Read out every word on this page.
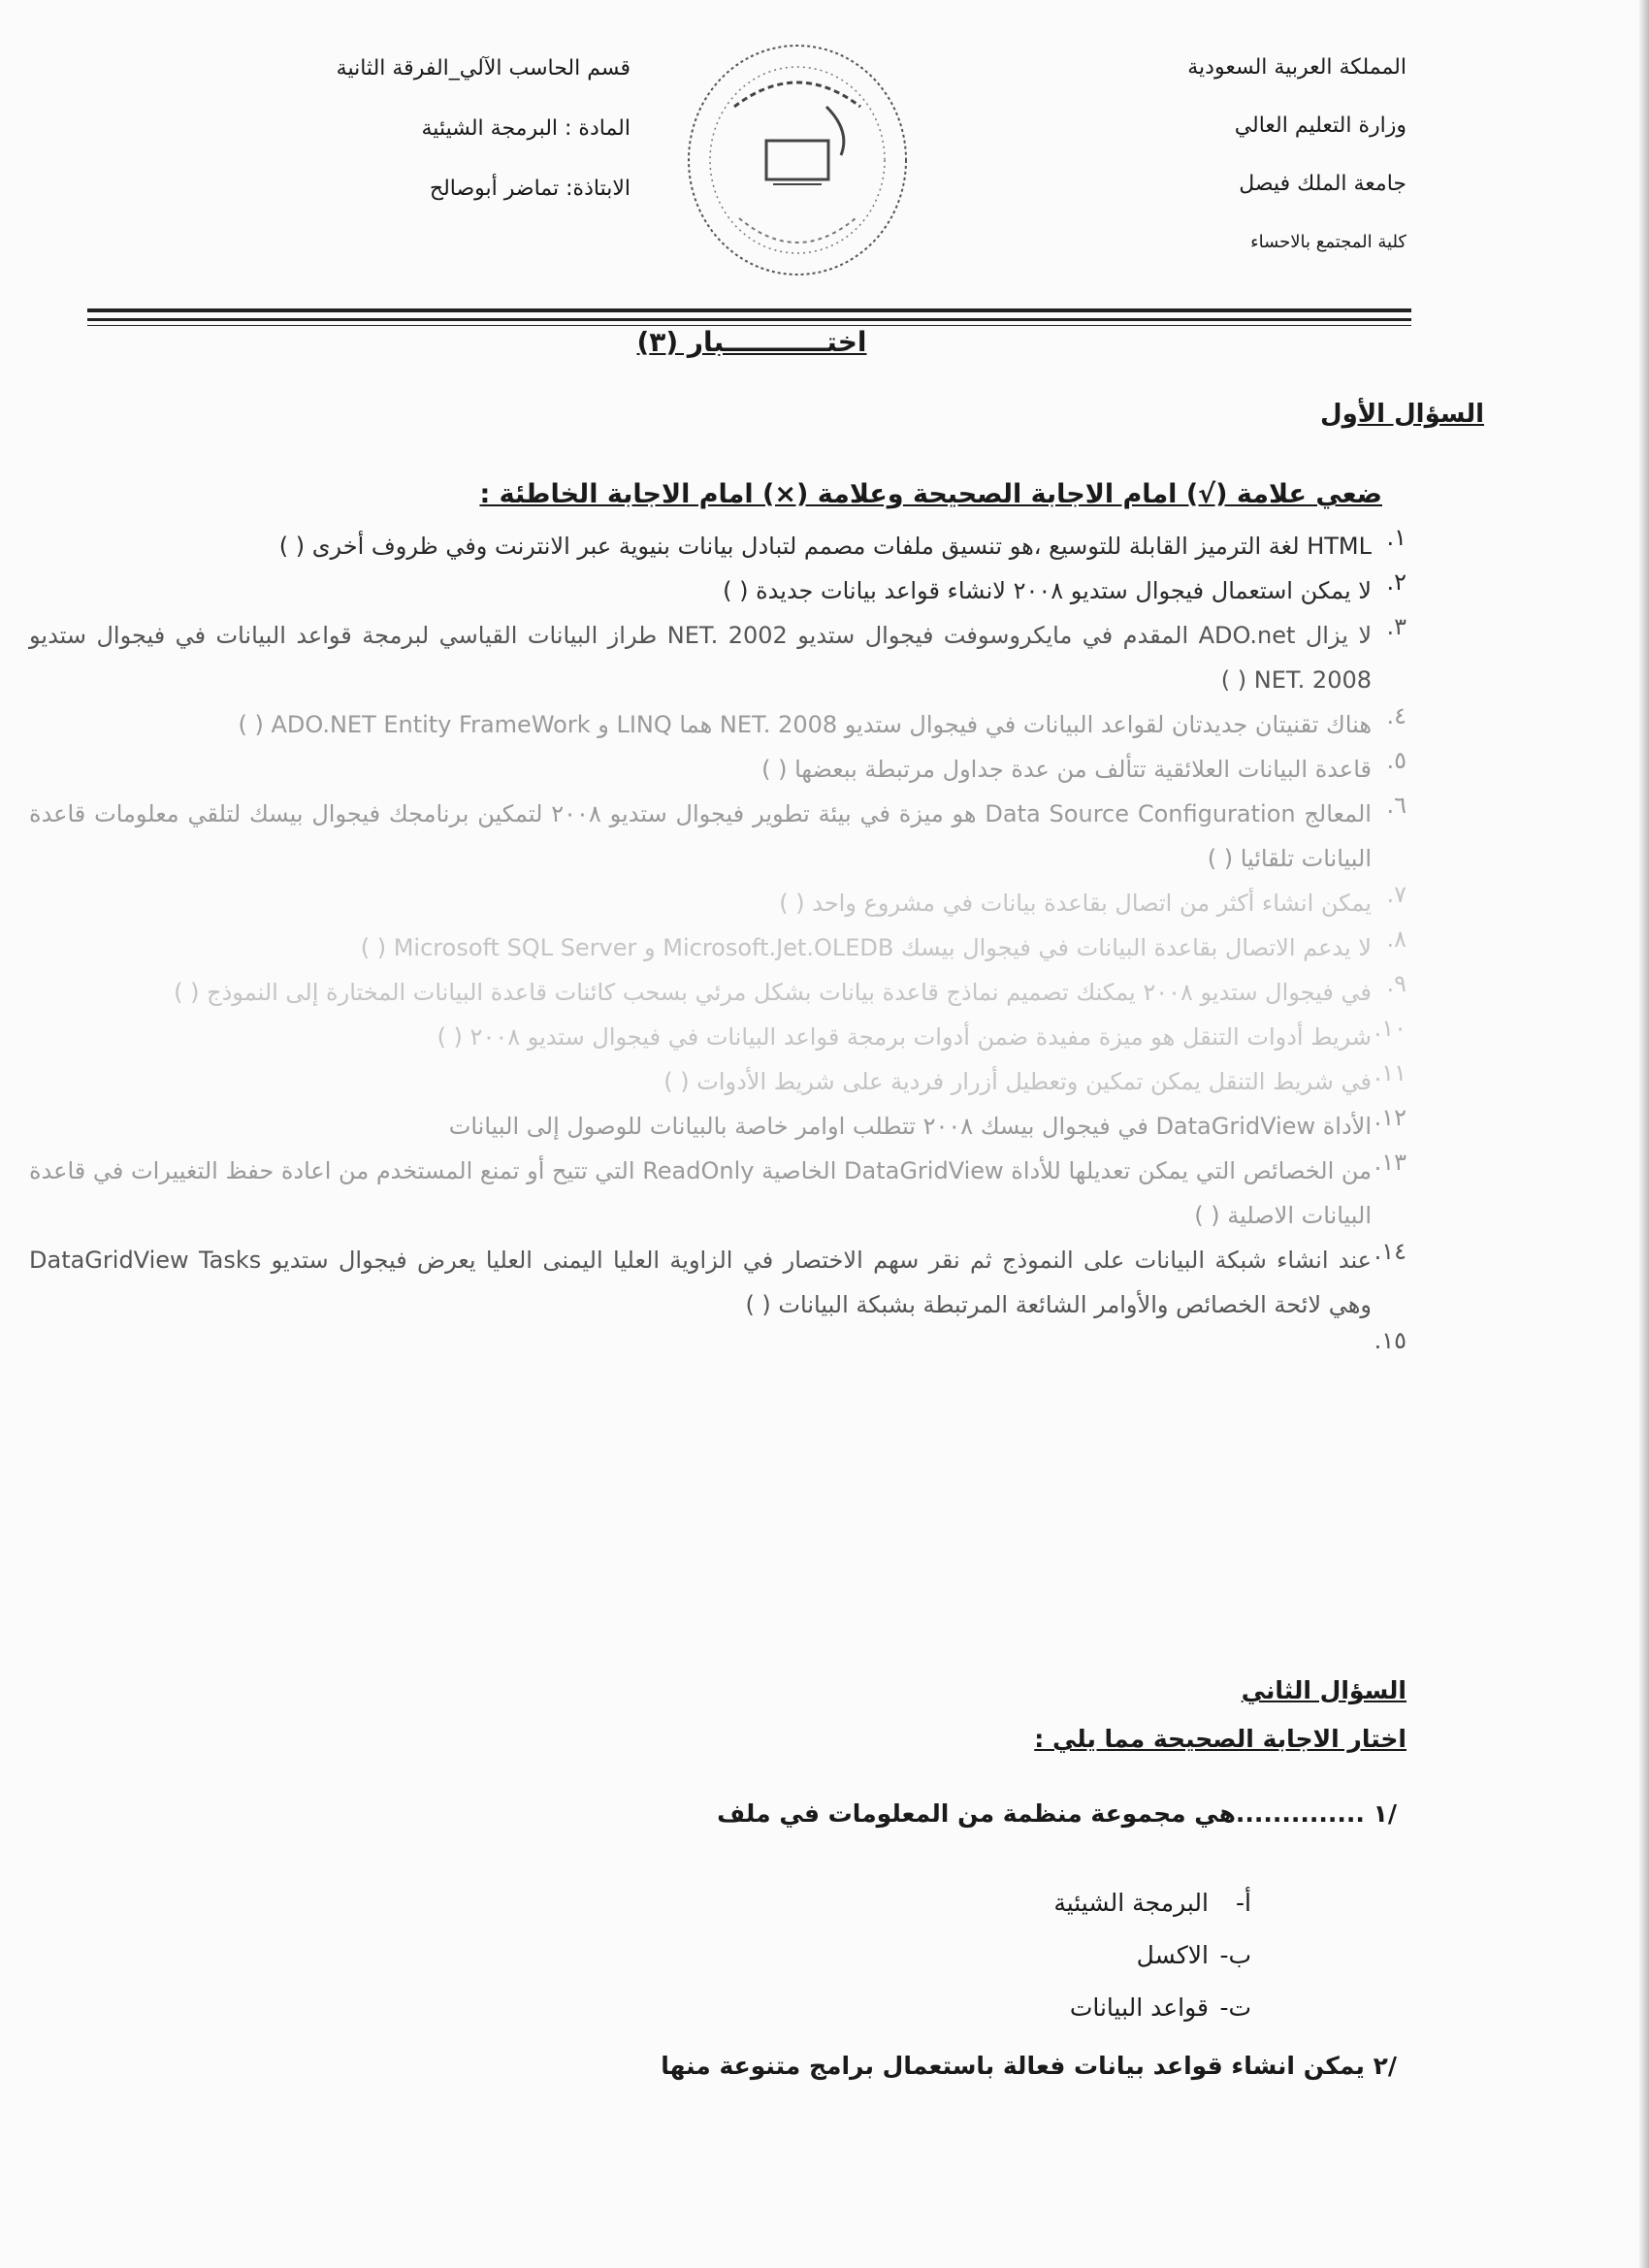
المملكة العربية السعودية
وزارة التعليم العالي
جامعة الملك فيصل
كلية المجتمع بالاحساء
قسم الحاسب الآلي_الفرقة الثانية
المادة : البرمجة الشيئية
الابتاذة: تماضر أبوصالح
اختـــــــــــبار (٣)
السؤال الأول
ضعي علامة (√) امام الاجابة الصحيحة وعلامة (×) امام الاجابة الخاطئة :
١.
HTML لغة الترميز القابلة للتوسيع ،هو تنسيق ملفات مصمم لتبادل بيانات بنيوية عبر الانترنت وفي ظروف أخرى ( )
٢.
لا يمكن استعمال فيجوال ستديو ٢٠٠٨ لانشاء قواعد بيانات جديدة ( )
٣.
لا يزال ADO.net المقدم في مايكروسوفت فيجوال ستديو NET. 2002 طراز البيانات القياسي لبرمجة قواعد البيانات في فيجوال ستديو NET. 2008 ( )
٤.
هناك تقنيتان جديدتان لقواعد البيانات في فيجوال ستديو NET. 2008 هما LINQ و ADO.NET Entity FrameWork ( )
٥.
قاعدة البيانات العلائقية تتألف من عدة جداول مرتبطة ببعضها ( )
٦.
المعالج Data Source Configuration هو ميزة في بيئة تطوير فيجوال ستديو ٢٠٠٨ لتمكين برنامجك فيجوال بيسك لتلقي معلومات قاعدة البيانات تلقائيا ( )
٧.
يمكن انشاء أكثر من اتصال بقاعدة بيانات في مشروع واحد ( )
٨.
لا يدعم الاتصال بقاعدة البيانات في فيجوال بيسك Microsoft.Jet.OLEDB و Microsoft SQL Server ( )
٩.
في فيجوال ستديو ٢٠٠٨ يمكنك تصميم نماذج قاعدة بيانات بشكل مرئي بسحب كائنات قاعدة البيانات المختارة إلى النموذج ( )
١٠.
شريط أدوات التنقل هو ميزة مفيدة ضمن أدوات برمجة قواعد البيانات في فيجوال ستديو ٢٠٠٨ ( )
١١.
في شريط التنقل يمكن تمكين وتعطيل أزرار فردية على شريط الأدوات ( )
١٢.
الأداة DataGridView في فيجوال بيسك ٢٠٠٨ تتطلب اوامر خاصة بالبيانات للوصول إلى البيانات
١٣.
من الخصائص التي يمكن تعديلها للأداة DataGridView الخاصية ReadOnly التي تتيح أو تمنع المستخدم من اعادة حفظ التغييرات في قاعدة البيانات الاصلية ( )
١٤.
عند انشاء شبكة البيانات على النموذج ثم نقر سهم الاختصار في الزاوية العليا اليمنى العليا يعرض فيجوال ستديو DataGridView Tasks وهي لائحة الخصائص والأوامر الشائعة المرتبطة بشبكة البيانات ( )
١٥.
السؤال الثاني
اختار الاجابة الصحيحة مما يلي :
/١ ..............هي مجموعة منظمة من المعلومات في ملف
أ-البرمجة الشيئية
ب-الاكسل
ت-قواعد البيانات
/٢ يمكن انشاء قواعد بيانات فعالة باستعمال برامج متنوعة منها
